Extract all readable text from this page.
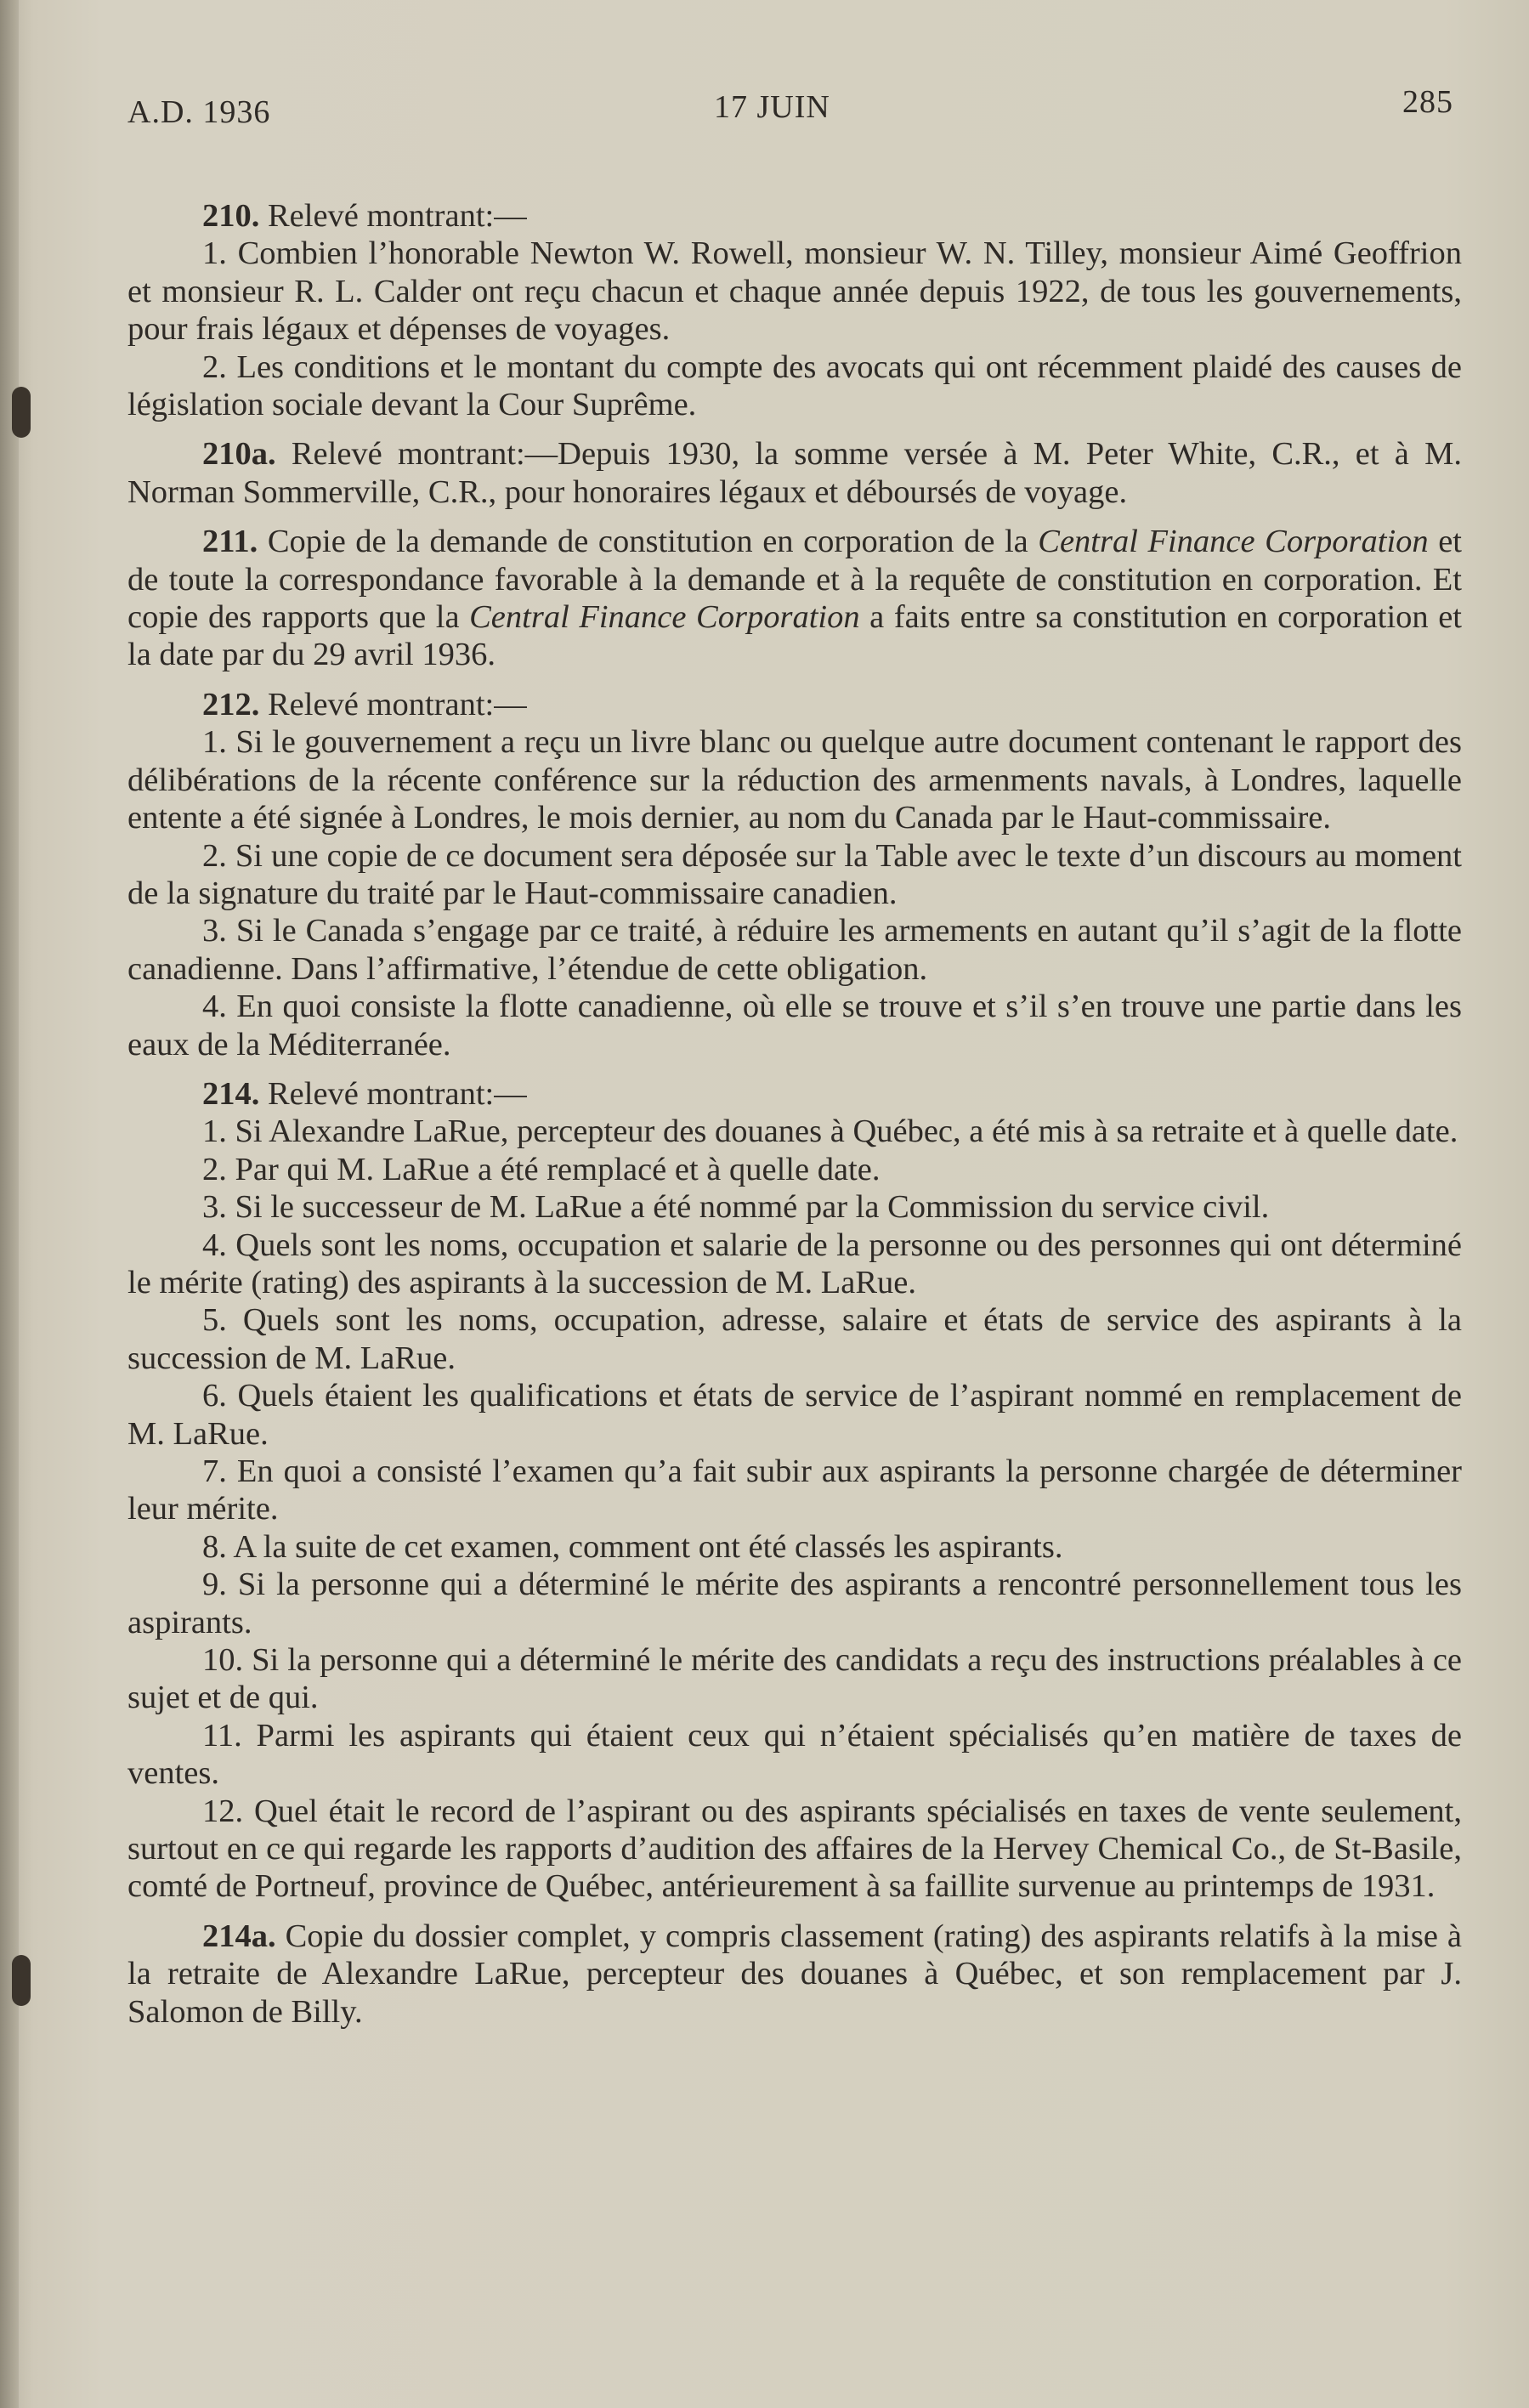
A.D. 1936	17 JUIN	285

210. Relevé montrant:—

1. Combien l’honorable Newton W. Rowell, monsieur W. N. Tilley, monsieur Aimé Geoffrion et monsieur R. L. Calder ont reçu chacun et chaque année depuis 1922, de tous les gouvernements, pour frais légaux et dépenses de voyages.

2. Les conditions et le montant du compte des avocats qui ont récemment plaidé des causes de législation sociale devant la Cour Suprême.

210a. Relevé montrant:—Depuis 1930, la somme versée à M. Peter White, C.R., et à M. Norman Sommerville, C.R., pour honoraires légaux et déboursés de voyage.

211. Copie de la demande de constitution en corporation de la Central Finance Corporation et de toute la correspondance favorable à la demande et à la requête de constitution en corporation. Et copie des rapports que la Central Finance Corporation a faits entre sa constitution en corporation et la date par du 29 avril 1936.

212. Relevé montrant:—

1. Si le gouvernement a reçu un livre blanc ou quelque autre document contenant le rapport des délibérations de la récente conférence sur la réduction des armenments navals, à Londres, laquelle entente a été signée à Londres, le mois dernier, au nom du Canada par le Haut-commissaire.

2. Si une copie de ce document sera déposée sur la Table avec le texte d’un discours au moment de la signature du traité par le Haut-commissaire canadien.

3. Si le Canada s’engage par ce traité, à réduire les armements en autant qu’il s’agit de la flotte canadienne. Dans l’affirmative, l’étendue de cette obligation.

4. En quoi consiste la flotte canadienne, où elle se trouve et s’il s’en trouve une partie dans les eaux de la Méditerranée.

214. Relevé montrant:—

1. Si Alexandre LaRue, percepteur des douanes à Québec, a été mis à sa retraite et à quelle date.

2. Par qui M. LaRue a été remplacé et à quelle date.

3. Si le successeur de M. LaRue a été nommé par la Commission du service civil.

4. Quels sont les noms, occupation et salarie de la personne ou des personnes qui ont déterminé le mérite (rating) des aspirants à la succession de M. LaRue.

5. Quels sont les noms, occupation, adresse, salaire et états de service des aspirants à la succession de M. LaRue.

6. Quels étaient les qualifications et états de service de l’aspirant nommé en remplacement de M. LaRue.

7. En quoi a consisté l’examen qu’a fait subir aux aspirants la personne chargée de déterminer leur mérite.

8. A la suite de cet examen, comment ont été classés les aspirants.

9. Si la personne qui a déterminé le mérite des aspirants a rencontré personnellement tous les aspirants.

10. Si la personne qui a déterminé le mérite des candidats a reçu des instructions préalables à ce sujet et de qui.

11. Parmi les aspirants qui étaient ceux qui n’étaient spécialisés qu’en matière de taxes de ventes.

12. Quel était le record de l’aspirant ou des aspirants spécialisés en taxes de vente seulement, surtout en ce qui regarde les rapports d’audition des affaires de la Hervey Chemical Co., de St-Basile, comté de Portneuf, province de Québec, antérieurement à sa faillite survenue au printemps de 1931.

214a. Copie du dossier complet, y compris classement (rating) des aspirants relatifs à la mise à la retraite de Alexandre LaRue, percepteur des douanes à Québec, et son remplacement par J. Salomon de Billy.
